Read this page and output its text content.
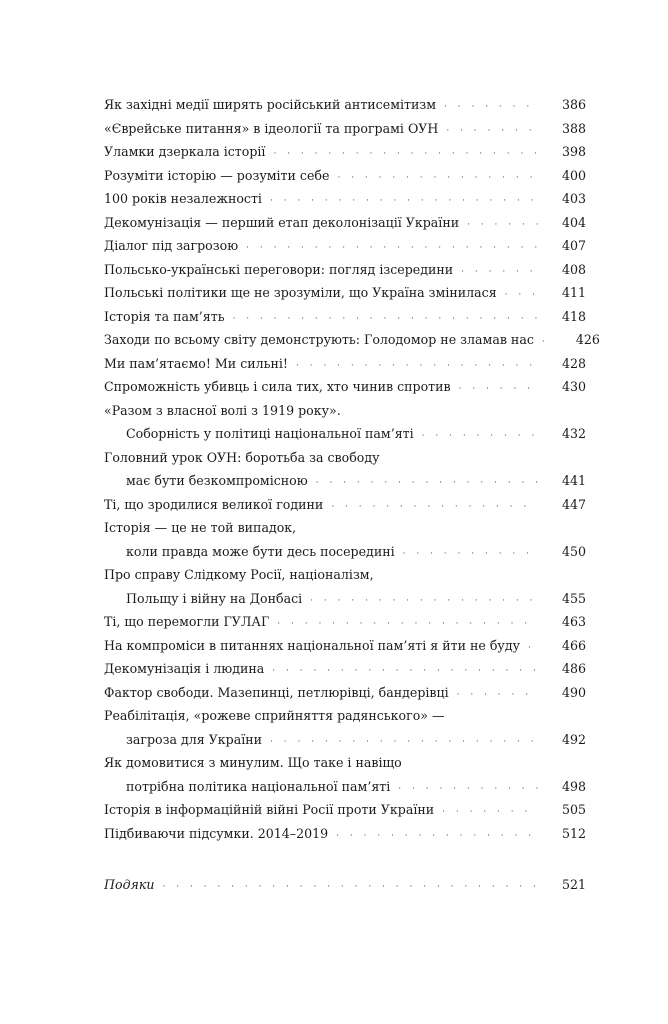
Як західні медії ширять російський антисемітизм · · ·	386
«Єврейське питання» в ідеології та програмі ОУН · · ·	388
Уламки дзеркала історії · · ·	398
Розуміти історію — розуміти себе · · ·	400
100 років незалежності · · ·	403
Декомунізація — перший етап деколонізації України · · ·	404
Діалог під загрозою · · ·	407
Польсько-українські переговори: погляд ізсередини · · ·	408
Польські політики ще не зрозуміли, що Україна змінилася · · ·	411
Історія та пам’ять · · ·	418
Заходи по всьому світу демонструють: Голодомор не зламав нас · · ·	426
Ми пам’ятаємо! Ми сильні! · · ·	428
Спроможність убивць і сила тих, хто чинив спротив · · ·	430
«Разом з власної волі з 1919 року».
Соборність у політиці національної пам’яті · · ·	432
Головний урок ОУН: боротьба за свободу
має бути безкомпромісною · · ·	441
Ті, що зродилися великої години · · ·	447
Історія — це не той випадок,
коли правда може бути десь посередині · · ·	450
Про справу Слідкому Росії, націоналізм,
Польщу і війну на Донбасі · · ·	455
Ті, що перемогли ГУЛАГ · · ·	463
На компроміси в питаннях національної пам’яті я йти не буду · · ·	466
Декомунізація і людина · · ·	486
Фактор свободи. Мазепинці, петлюрівці, бандерівці · · ·	490
Реабілітація, «рожеве сприйняття радянського» —
загроза для України · · ·	492
Як домовитися з минулим. Що таке і навіщо
потрібна політика національної пам’яті · · ·	498
Історія в інформаційній війні Росії проти України · · ·	505
Підбиваючи підсумки. 2014–2019 · · ·	512
Подяки · · ·	521
